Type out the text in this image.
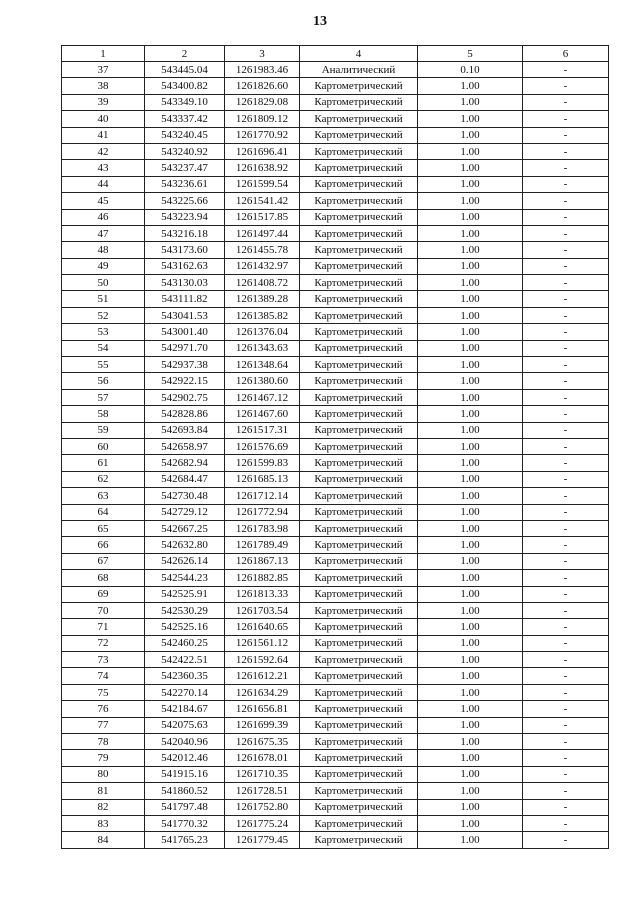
13
1	2	3	4	5	6
37	543445.04	1261983.46	Аналитический	0.10	-
38	543400.82	1261826.60	Картометрический	1.00	-
39	543349.10	1261829.08	Картометрический	1.00	-
40	543337.42	1261809.12	Картометрический	1.00	-
41	543240.45	1261770.92	Картометрический	1.00	-
42	543240.92	1261696.41	Картометрический	1.00	-
43	543237.47	1261638.92	Картометрический	1.00	-
44	543236.61	1261599.54	Картометрический	1.00	-
45	543225.66	1261541.42	Картометрический	1.00	-
46	543223.94	1261517.85	Картометрический	1.00	-
47	543216.18	1261497.44	Картометрический	1.00	-
48	543173.60	1261455.78	Картометрический	1.00	-
49	543162.63	1261432.97	Картометрический	1.00	-
50	543130.03	1261408.72	Картометрический	1.00	-
51	543111.82	1261389.28	Картометрический	1.00	-
52	543041.53	1261385.82	Картометрический	1.00	-
53	543001.40	1261376.04	Картометрический	1.00	-
54	542971.70	1261343.63	Картометрический	1.00	-
55	542937.38	1261348.64	Картометрический	1.00	-
56	542922.15	1261380.60	Картометрический	1.00	-
57	542902.75	1261467.12	Картометрический	1.00	-
58	542828.86	1261467.60	Картометрический	1.00	-
59	542693.84	1261517.31	Картометрический	1.00	-
60	542658.97	1261576.69	Картометрический	1.00	-
61	542682.94	1261599.83	Картометрический	1.00	-
62	542684.47	1261685.13	Картометрический	1.00	-
63	542730.48	1261712.14	Картометрический	1.00	-
64	542729.12	1261772.94	Картометрический	1.00	-
65	542667.25	1261783.98	Картометрический	1.00	-
66	542632.80	1261789.49	Картометрический	1.00	-
67	542626.14	1261867.13	Картометрический	1.00	-
68	542544.23	1261882.85	Картометрический	1.00	-
69	542525.91	1261813.33	Картометрический	1.00	-
70	542530.29	1261703.54	Картометрический	1.00	-
71	542525.16	1261640.65	Картометрический	1.00	-
72	542460.25	1261561.12	Картометрический	1.00	-
73	542422.51	1261592.64	Картометрический	1.00	-
74	542360.35	1261612.21	Картометрический	1.00	-
75	542270.14	1261634.29	Картометрический	1.00	-
76	542184.67	1261656.81	Картометрический	1.00	-
77	542075.63	1261699.39	Картометрический	1.00	-
78	542040.96	1261675.35	Картометрический	1.00	-
79	542012.46	1261678.01	Картометрический	1.00	-
80	541915.16	1261710.35	Картометрический	1.00	-
81	541860.52	1261728.51	Картометрический	1.00	-
82	541797.48	1261752.80	Картометрический	1.00	-
83	541770.32	1261775.24	Картометрический	1.00	-
84	541765.23	1261779.45	Картометрический	1.00	-
